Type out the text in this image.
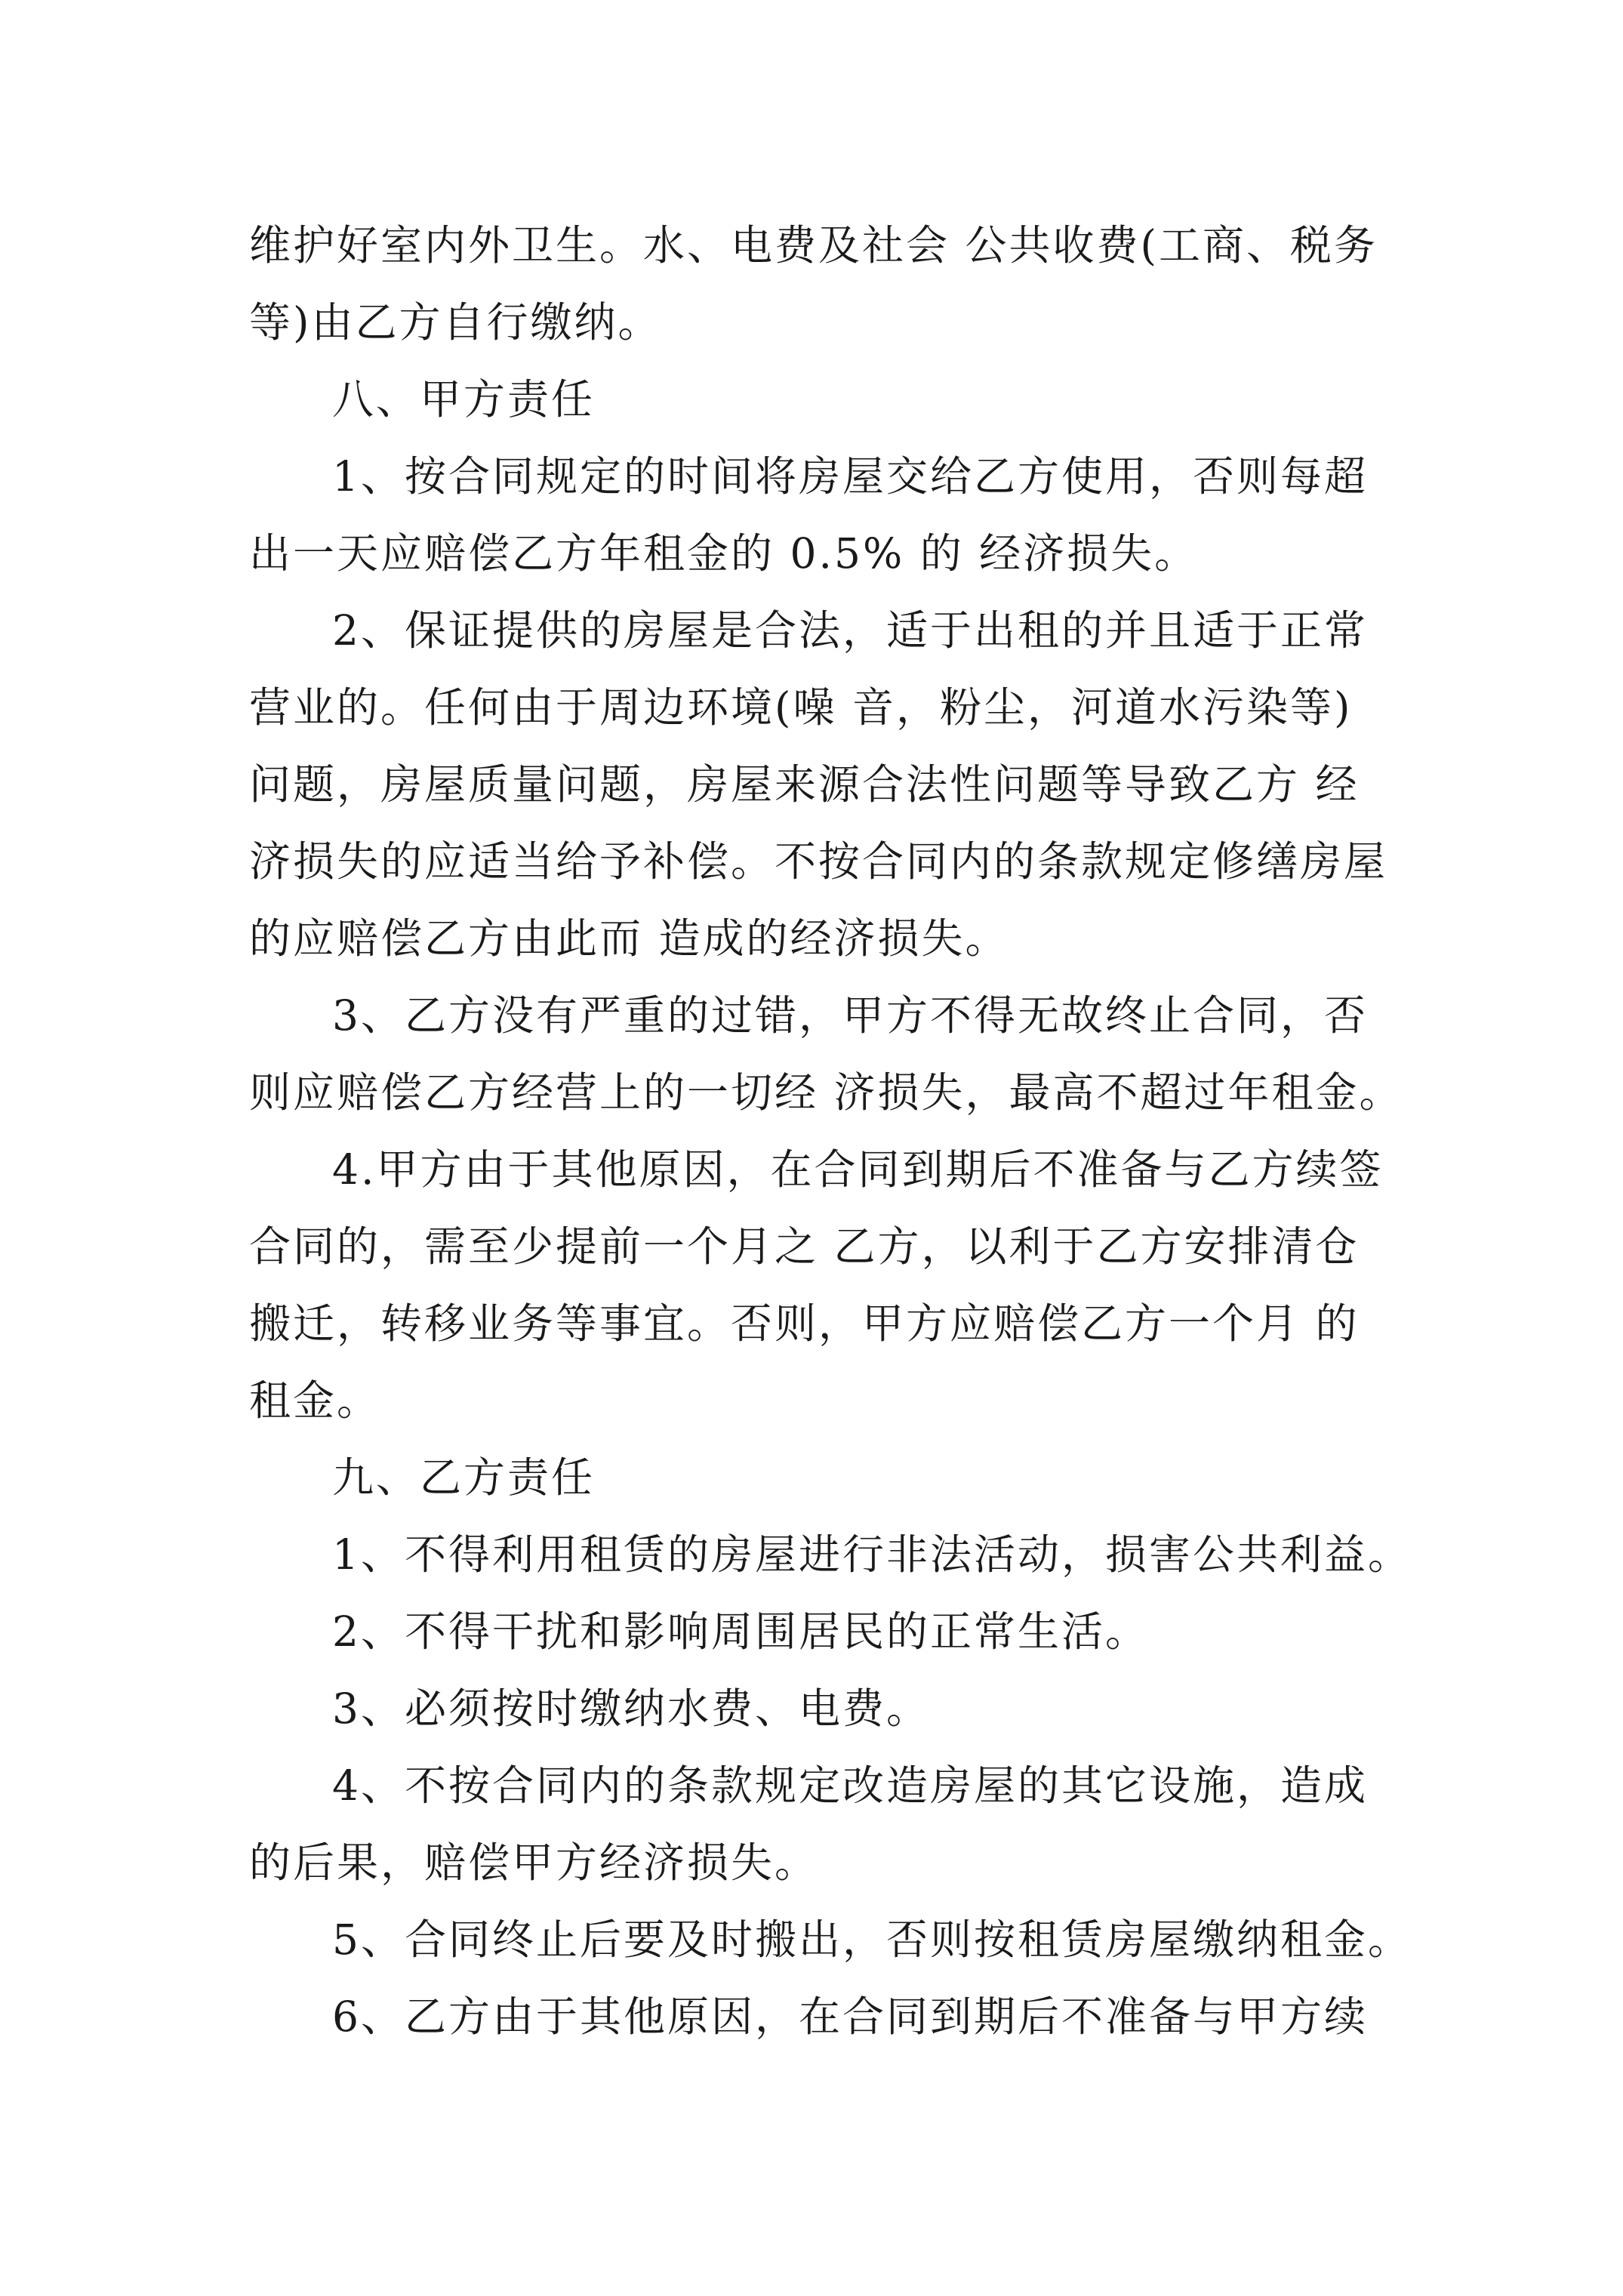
维护好室内外卫生。水、电费及社会 公共收费(工商、税务
等)由乙方自行缴纳。
八、甲方责任
1、按合同规定的时间将房屋交给乙方使用，否则每超
出一天应赔偿乙方年租金的 0.5% 的 经济损失。
2、保证提供的房屋是合法，适于出租的并且适于正常
营业的。任何由于周边环境(噪 音，粉尘，河道水污染等)
问题，房屋质量问题，房屋来源合法性问题等导致乙方 经
济损失的应适当给予补偿。不按合同内的条款规定修缮房屋
的应赔偿乙方由此而 造成的经济损失。
3、乙方没有严重的过错，甲方不得无故终止合同，否
则应赔偿乙方经营上的一切经 济损失，最高不超过年租金。
4.甲方由于其他原因，在合同到期后不准备与乙方续签
合同的，需至少提前一个月之 乙方，以利于乙方安排清仓
搬迁，转移业务等事宜。否则，甲方应赔偿乙方一个月 的
租金。
九、乙方责任
1、不得利用租赁的房屋进行非法活动，损害公共利益。
2、不得干扰和影响周围居民的正常生活。
3、必须按时缴纳水费、电费。
4、不按合同内的条款规定改造房屋的其它设施，造成
的后果，赔偿甲方经济损失。
5、合同终止后要及时搬出，否则按租赁房屋缴纳租金。
6、乙方由于其他原因，在合同到期后不准备与甲方续
